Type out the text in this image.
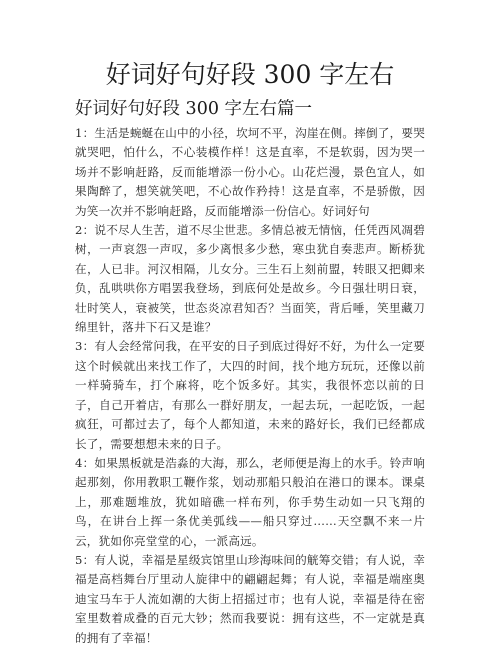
好词好句好段 300 字左右
好词好句好段 300 字左右篇一

1：生活是蜿蜒在山中的小径，坎坷不平，沟崖在侧。摔倒了，要哭就哭吧，怕什么，不心装模作样！这是直率，不是软弱，因为哭一场并不影响赶路，反而能增添一份小心。山花烂漫，景色宜人，如果陶醉了，想笑就笑吧，不心故作矜持！这是直率，不是骄傲，因为笑一次并不影响赶路，反而能增添一份信心。好词好句

2：说不尽人生苦，道不尽尘世悲。多情总被无情恼，任凭西风凋碧树，一声哀怨一声叹，多少离恨多少愁，寒虫犹自奏悲声。断桥犹在，人已非。河汉相隔，儿女分。三生石上刻前盟，转眼又把卿来负，乱哄哄你方唱罢我登场，到底何处是故乡。今日强壮明日衰，壮时笑人，衰被笑，世态炎凉君知否？当面笑，背后唾，笑里藏刀绵里针，落井下石又是谁？

3：有人会经常问我，在平安的日子到底过得好不好，为什么一定要这个时候就出来找工作了，大四的时间，找个地方玩玩，还像以前一样骑骑车，打个麻将，吃个饭多好。其实，我很怀恋以前的日子，自己开着店，有那么一群好朋友，一起去玩，一起吃饭，一起疯狂，可都过去了，每个人都知道，未来的路好长，我们已经都成长了，需要想想未来的日子。

4：如果黑板就是浩淼的大海，那么，老师便是海上的水手。铃声响起那刻，你用教职工鞭作浆，划动那船只般泊在港口的课本。课桌上，那难题堆放，犹如暗礁一样布列，你手势生动如一只飞翔的鸟，在讲台上挥一条优美弧线——船只穿过……天空飘不来一片云，犹如你亮堂堂的心，一派高远。

5：有人说，幸福是星级宾馆里山珍海味间的觥筹交错；有人说，幸福是高档舞台厅里动人旋律中的翩翩起舞；有人说，幸福是端座奥迪宝马车于人流如潮的大街上招摇过市；也有人说，幸福是待在密室里数着成叠的百元大钞；然而我要说：拥有这些，不一定就是真的拥有了幸福！
